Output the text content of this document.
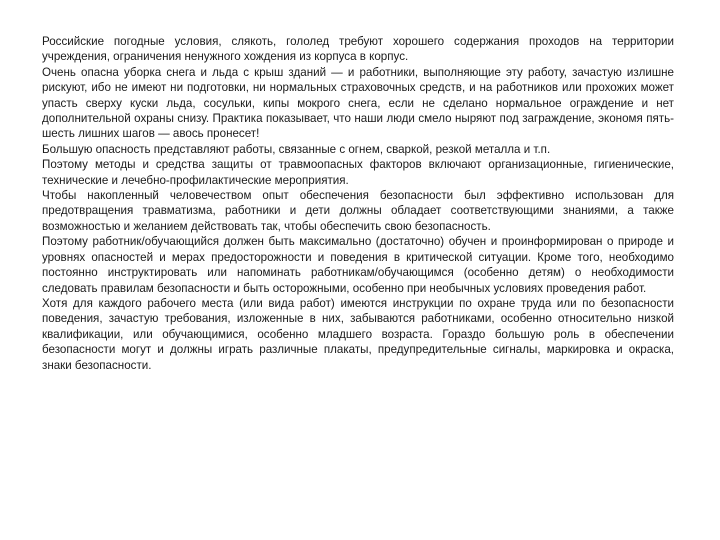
Российские погодные условия, слякоть, гололед требуют хорошего содержания проходов на территории учреждения, ограничения ненужного хождения из корпуса в корпус.

Очень опасна уборка снега и льда с крыш зданий — и работники, выполняющие эту работу, зачастую излишне рискуют, ибо не имеют ни подготовки, ни нормальных страховочных средств, и на работников или прохожих может упасть сверху куски льда, сосульки, кипы мокрого снега, если не сделано нормальное ограждение и нет дополнительной охраны снизу. Практика показывает, что наши люди смело ныряют под заграждение, экономя пять-шесть лишних шагов — авось пронесет!

Большую опасность представляют работы, связанные с огнем, сваркой, резкой металла и т.п.

Поэтому методы и средства защиты от травмоопасных факторов включают организационные, гигиенические, технические и лечебно-профилактические мероприятия.

Чтобы накопленный человечеством опыт обеспечения безопасности был эффективно использован для предотвращения травматизма, работники и дети должны обладает соответствующими знаниями, а также возможностью и желанием действовать так, чтобы обеспечить свою безопасность.

Поэтому работник/обучающийся должен быть максимально (достаточно) обучен и проинформирован о природе и уровнях опасностей и мерах предосторожности и поведения в критической ситуации. Кроме того, необходимо постоянно инструктировать или напоминать работникам/обучающимся (особенно детям) о необходимости следовать правилам безопасности и быть осторожными, особенно при необычных условиях проведения работ.

Хотя для каждого рабочего места (или вида работ) имеются инструкции по охране труда или по безопасности поведения, зачастую требования, изложенные в них, забываются работниками, особенно относительно низкой квалификации, или обучающимися, особенно младшего возраста. Гораздо большую роль в обеспечении безопасности могут и должны играть различные плакаты, предупредительные сигналы, маркировка и окраска, знаки безопасности.
